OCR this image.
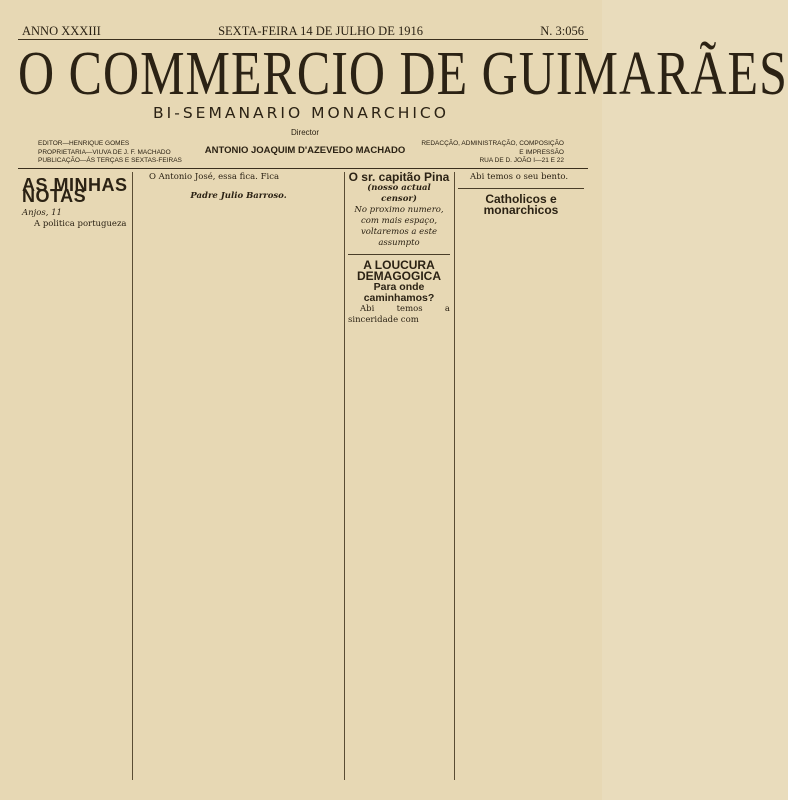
ANNO XXXIII	SEXTA-FEIRA 14 DE JULHO DE 1916	N. 3:056
O COMMERCIO DE GUIMARÃES
BI-SEMANARIO MONARCHICO
EDITOR—HENRIQUE GOMES
PROPRIETARIA—VIUVA DE J. F. MACHADO
PUBLICAÇÃO—ÁS TERÇAS E SEXTAS-FEIRAS
Director
ANTONIO JOAQUIM D'AZEVEDO MACHADO
REDACÇÃO, ADMINISTRAÇÃO, COMPOSIÇÃO
E IMPRESSÃO
RUA DE D. JOÃO I—21 E 22
AS MINHAS NOTAS
Anjos, 11

A politica portugueza

O Antonio José, essa fica. Fica

Padre Julio Barroso.
O sr. capitão Pina
(nosso actual censor)
No proximo numero, com mais espaço, voltaremos a este assumpto
A LOUCURA DEMAGOGICA
Para onde caminhamos?

Abi temos a sinceridade com

Abi temos o seu bento.

Catholicos e monarchicos
